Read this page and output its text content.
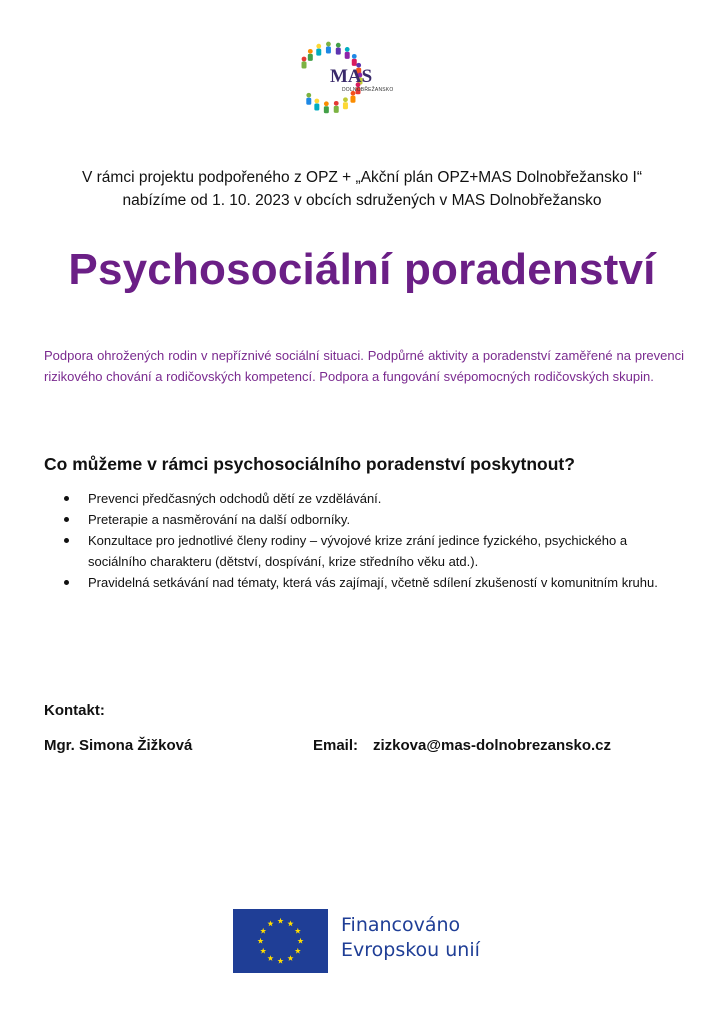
MAS
DOLNOBŘEŽANSKO
V rámci projektu podpořeného z OPZ + „Akční plán OPZ+MAS Dolnobřežansko I“
nabízíme od 1. 10. 2023 v obcích sdružených v MAS Dolnobřežansko
Psychosociální poradenství
Podpora ohrožených rodin v nepříznivé sociální situaci. Podpůrné aktivity a poradenství zaměřené na prevenci rizikového chování a rodičovských kompetencí. Podpora a fungování svépomocných rodičovských skupin.
Co můžeme v rámci psychosociálního poradenství poskytnout?
Prevenci předčasných odchodů dětí ze vzdělávání.
Preterapie a nasměrování na další odborníky.
Konzultace pro jednotlivé členy rodiny – vývojové krize zrání jedince fyzického, psychického a sociálního charakteru (dětství, dospívání, krize středního věku atd.).
Pravidelná setkávání nad tématy, která vás zajímají, včetně sdílení zkušeností v komunitním kruhu.
Kontakt:
Mgr. Simona Žižková	Email: zizkova@mas-dolnobrezansko.cz
Financováno
Evropskou unií
